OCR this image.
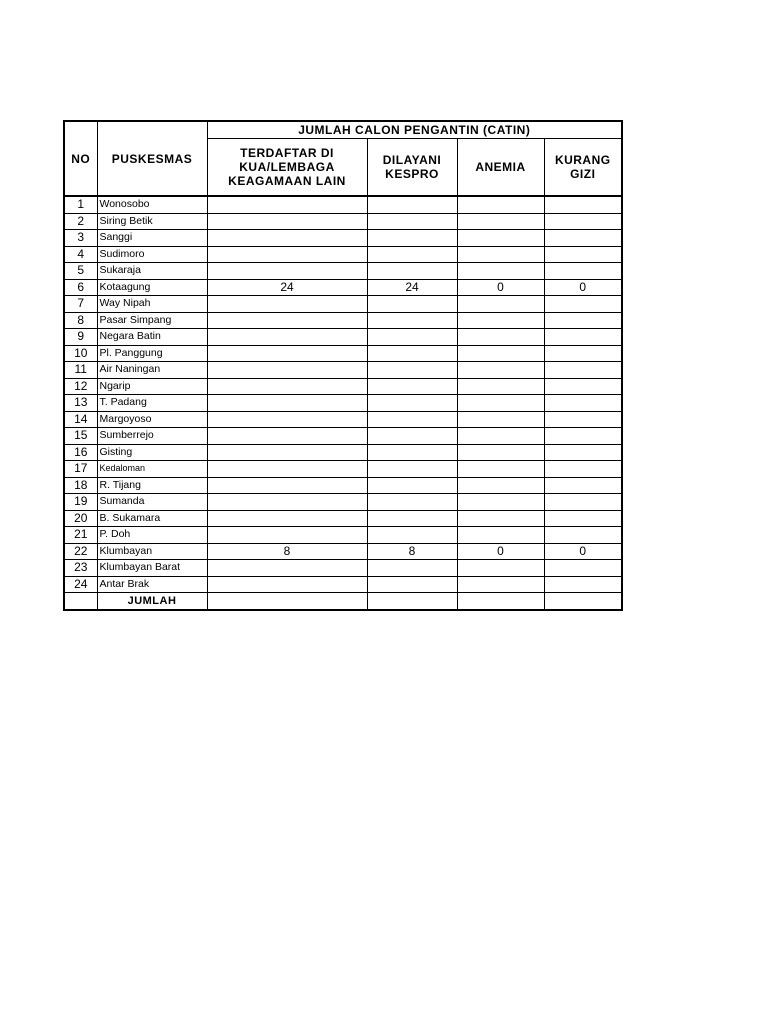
NO	PUSKESMAS	JUMLAH CALON PENGANTIN (CATIN)			
		TERDAFTAR DI KUA/LEMBAGA KEAGAMAAN LAIN	DILAYANI KESPRO	ANEMIA	KURANG GIZI
1	Wonosobo				
2	Siring Betik				
3	Sanggi				
4	Sudimoro				
5	Sukaraja				
6	Kotaagung	24	24	0	0
7	Way Nipah				
8	Pasar Simpang				
9	Negara Batin				
10	Pl. Panggung				
11	Air Naningan				
12	Ngarip				
13	T. Padang				
14	Margoyoso				
15	Sumberrejo				
16	Gisting				
17	Kedaloman				
18	R. Tijang				
19	Sumanda				
20	B. Sukamara				
21	P. Doh				
22	Klumbayan	8	8	0	0
23	Klumbayan Barat				
24	Antar Brak				
	JUMLAH				
